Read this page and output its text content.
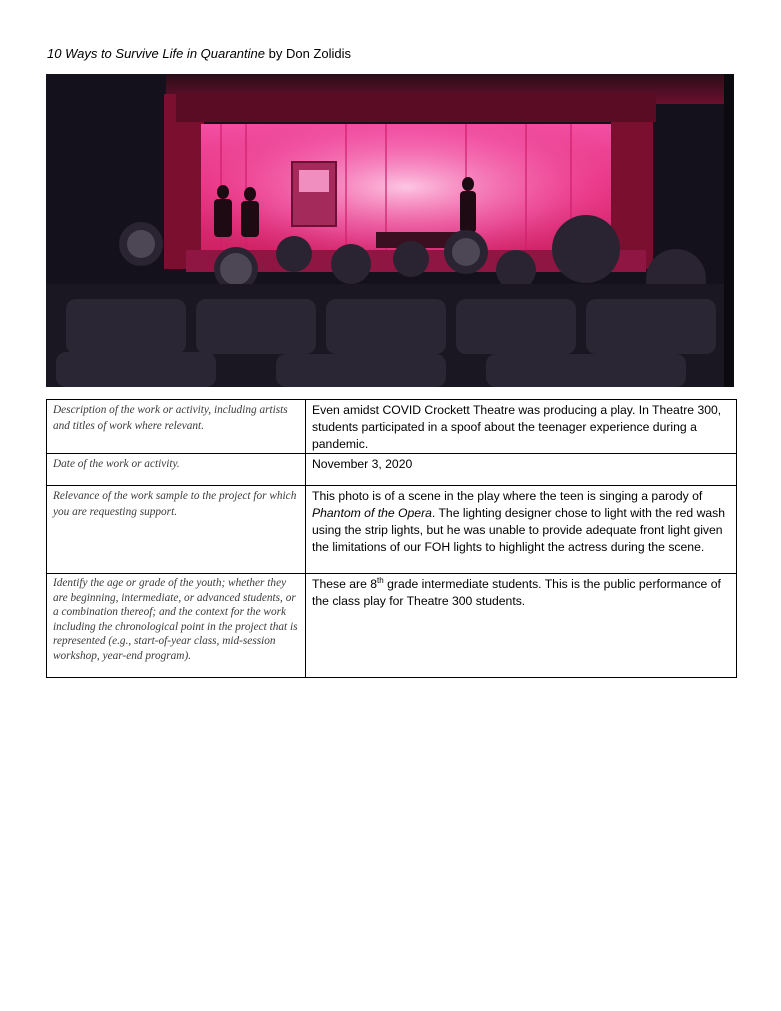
10 Ways to Survive Life in Quarantine by Don Zolidis
Description of the work or activity, including artists and titles of work where relevant.	Even amidst COVID Crockett Theatre was producing a play. In Theatre 300, students participated in a spoof about the teenager experience during a pandemic.
Date of the work or activity.	November 3, 2020
Relevance of the work sample to the project for which you are requesting support.	This photo is of a scene in the play where the teen is singing a parody of Phantom of the Opera. The lighting designer chose to light with the red wash using the strip lights, but he was unable to provide adequate front light given the limitations of our FOH lights to highlight the actress during the scene.
Identify the age or grade of the youth; whether they are beginning, intermediate, or advanced students, or a combination thereof; and the context for the work including the chronological point in the project that is represented (e.g., start-of-year class, mid-session workshop, year-end program).	These are 8th grade intermediate students. This is the public performance of the class play for Theatre 300 students.
